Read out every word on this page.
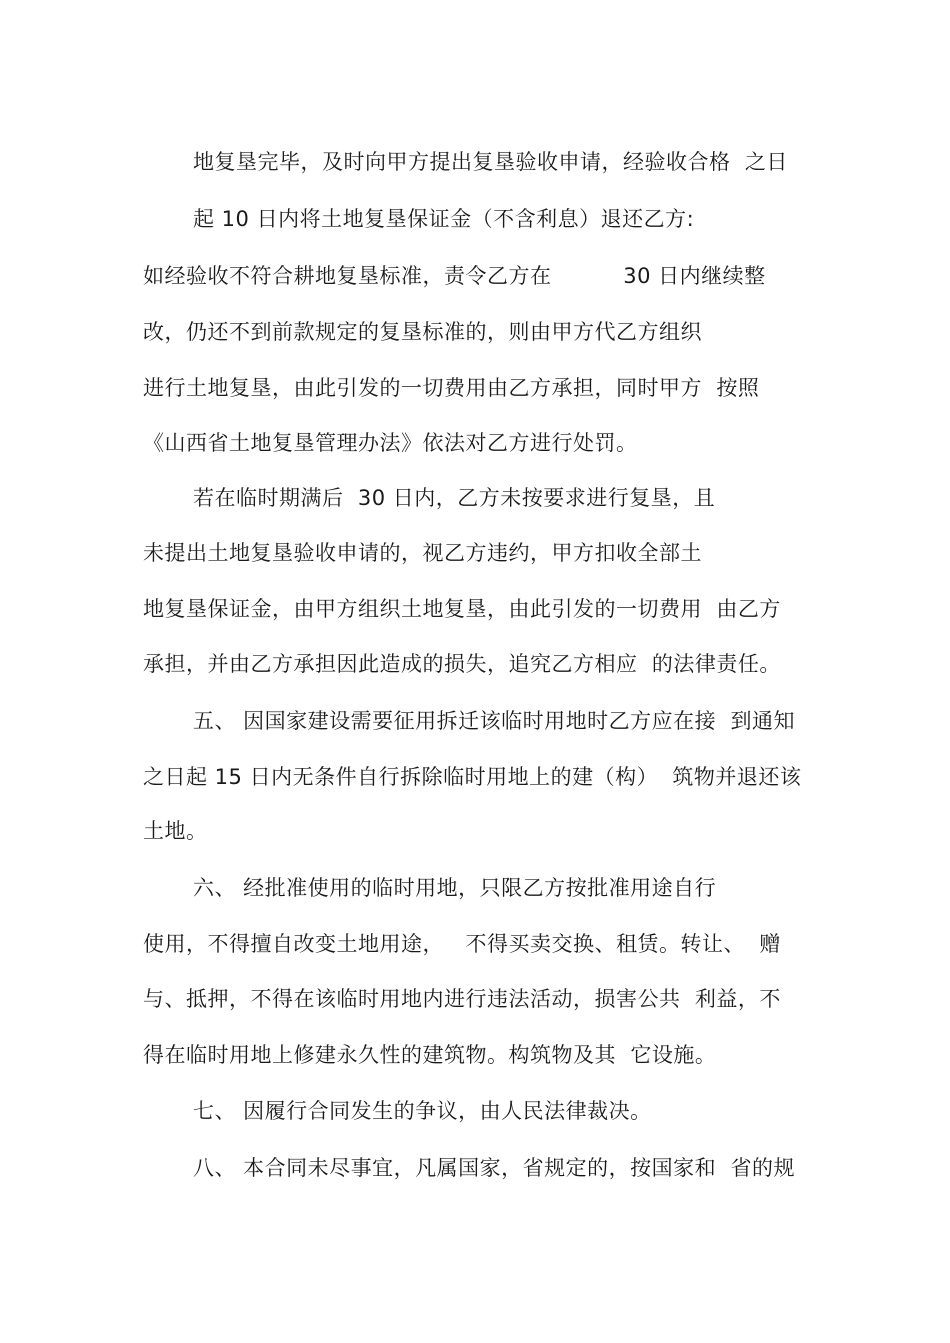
地复垦完毕，及时向甲方提出复垦验收申请，经验收合格  之日
起 10 日内将土地复垦保证金（不含利息）退还乙方:
如经验收不符合耕地复垦标准，责令乙方在          30 日内继续整
改，仍还不到前款规定的复垦标准的，则由甲方代乙方组织
进行土地复垦，由此引发的一切费用由乙方承担，同时甲方  按照
《山西省土地复垦管理办法》依法对乙方进行处罚。
若在临时期满后  30 日内，乙方未按要求进行复垦，且
未提出土地复垦验收申请的，视乙方违约，甲方扣收全部土
地复垦保证金，由甲方组织土地复垦，由此引发的一切费用  由乙方
承担，并由乙方承担因此造成的损失，追究乙方相应  的法律责任。
五、 因国家建设需要征用拆迁该临时用地时乙方应在接  到通知
之日起 15 日内无条件自行拆除临时用地上的建（构）  筑物并退还该
土地。
六、 经批准使用的临时用地，只限乙方按批准用途自行
使用，不得擅自改变土地用途，   不得买卖交换、租赁。转让、  赠
与、抵押，不得在该临时用地内进行违法活动，损害公共  利益，不
得在临时用地上修建永久性的建筑物。构筑物及其  它设施。
七、 因履行合同发生的争议，由人民法律裁决。
八、 本合同未尽事宜，凡属国家，省规定的，按国家和  省的规
